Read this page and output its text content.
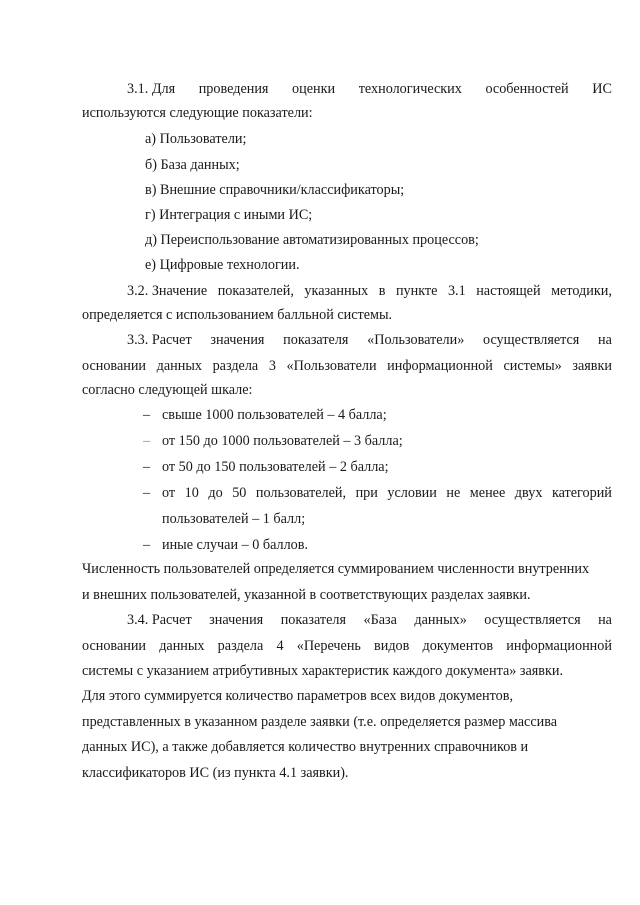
3.1. Для проведения оценки технологических особенностей ИС
используются следующие показатели:
а) Пользователи;
б) База данных;
в) Внешние справочники/классификаторы;
г) Интеграция с иными ИС;
д) Переиспользование автоматизированных процессов;
е) Цифровые технологии.
3.2. Значение показателей, указанных в пункте 3.1 настоящей методики,
определяется с использованием балльной системы.
3.3. Расчет значения показателя «Пользователи» осуществляется на
основании данных раздела 3 «Пользователи информационной системы» заявки
согласно следующей шкале:
– свыше 1000 пользователей – 4 балла;
– от 150 до 1000 пользователей – 3 балла;
– от 50 до 150 пользователей – 2 балла;
– от 10 до 50 пользователей, при условии не менее двух категорий
пользователей – 1 балл;
– иные случаи – 0 баллов.
Численность пользователей определяется суммированием численности внутренних
и внешних пользователей, указанной в соответствующих разделах заявки.
3.4. Расчет значения показателя «База данных» осуществляется на
основании данных раздела 4 «Перечень видов документов информационной
системы с указанием атрибутивных характеристик каждого документа» заявки.
Для этого суммируется количество параметров всех видов документов,
представленных в указанном разделе заявки (т.е. определяется размер массива
данных ИС), а также добавляется количество внутренних справочников и
классификаторов ИС (из пункта 4.1 заявки).
